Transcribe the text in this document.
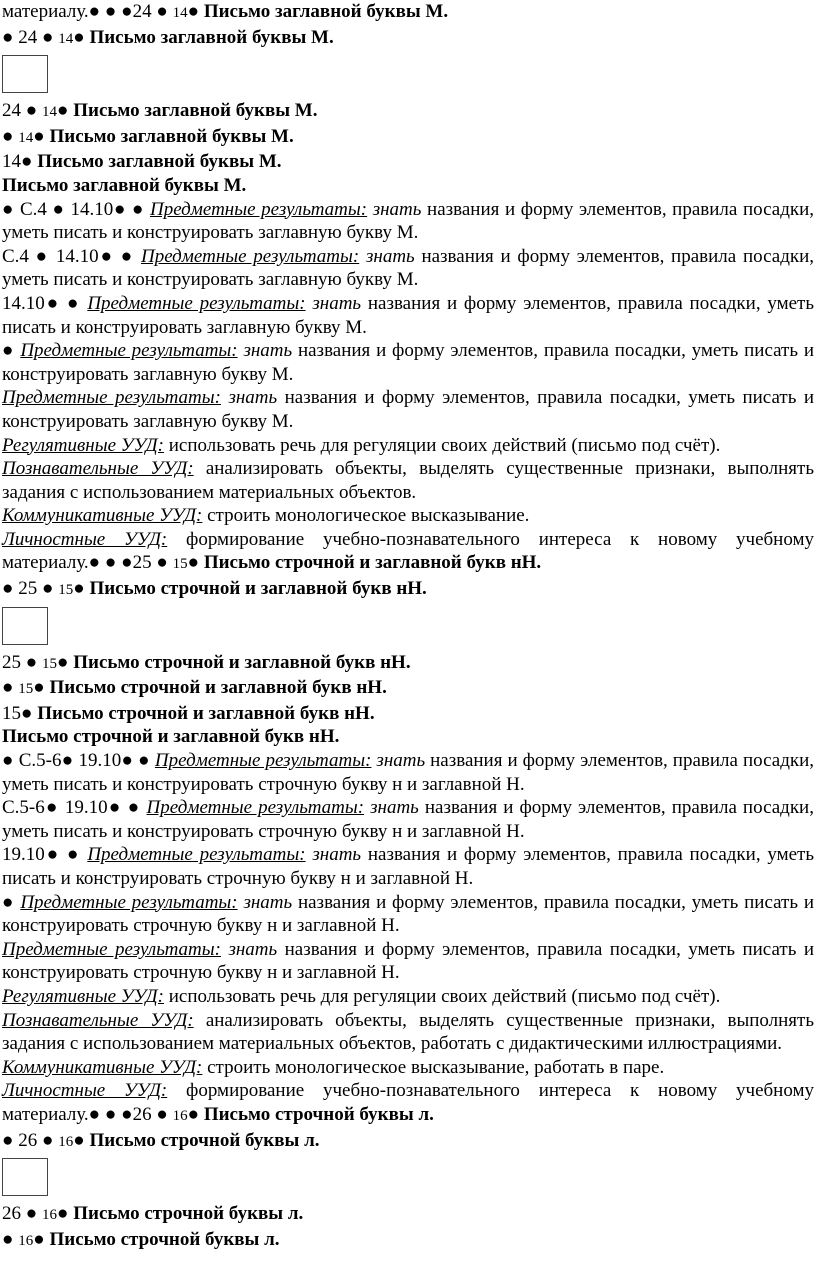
материалу.● ● ●24 ● 14● Письмо заглавной буквы М.
● 24 ● 14● Письмо заглавной буквы М.
24 ● 14● Письмо заглавной буквы М.
● 14● Письмо заглавной буквы М.
14● Письмо заглавной буквы М.
Письмо заглавной буквы М.
● С.4 ● 14.10● ● Предметные результаты: знать названия и форму элементов, правила посадки, уметь писать и конструировать заглавную букву М.
С.4 ● 14.10● ● Предметные результаты: знать названия и форму элементов, правила посадки, уметь писать и конструировать заглавную букву М.
14.10● ● Предметные результаты: знать названия и форму элементов, правила посадки, уметь писать и конструировать заглавную букву М.
● Предметные результаты: знать названия и форму элементов, правила посадки, уметь писать и конструировать заглавную букву М.
Предметные результаты: знать названия и форму элементов, правила посадки, уметь писать и конструировать заглавную букву М.
Регулятивные УУД: использовать речь для регуляции своих действий (письмо под счёт).
Познавательные УУД: анализировать объекты, выделять существенные признаки, выполнять задания с использованием материальных объектов.
Коммуникативные УУД: строить монологическое высказывание.
Личностные УУД: формирование учебно-познавательного интереса к новому учебному материалу.● ● ●25 ● 15● Письмо строчной и заглавной букв нН.
● 25 ● 15● Письмо строчной и заглавной букв нН.
25 ● 15● Письмо строчной и заглавной букв нН.
● 15● Письмо строчной и заглавной букв нН.
15● Письмо строчной и заглавной букв нН.
Письмо строчной и заглавной букв нН.
● С.5-6● 19.10● ● Предметные результаты: знать названия и форму элементов, правила посадки, уметь писать и конструировать строчную букву н и заглавной Н.
С.5-6● 19.10● ● Предметные результаты: знать названия и форму элементов, правила посадки, уметь писать и конструировать строчную букву н и заглавной Н.
19.10● ● Предметные результаты: знать названия и форму элементов, правила посадки, уметь писать и конструировать строчную букву н и заглавной Н.
● Предметные результаты: знать названия и форму элементов, правила посадки, уметь писать и конструировать строчную букву н и заглавной Н.
Предметные результаты: знать названия и форму элементов, правила посадки, уметь писать и конструировать строчную букву н и заглавной Н.
Регулятивные УУД: использовать речь для регуляции своих действий (письмо под счёт).
Познавательные УУД: анализировать объекты, выделять существенные признаки, выполнять задания с использованием материальных объектов, работать с дидактическими иллюстрациями.
Коммуникативные УУД: строить монологическое высказывание, работать в паре.
Личностные УУД: формирование учебно-познавательного интереса к новому учебному материалу.● ● ●26 ● 16● Письмо строчной буквы л.
● 26 ● 16● Письмо строчной буквы л.
26 ● 16● Письмо строчной буквы л.
● 16● Письмо строчной буквы л.
